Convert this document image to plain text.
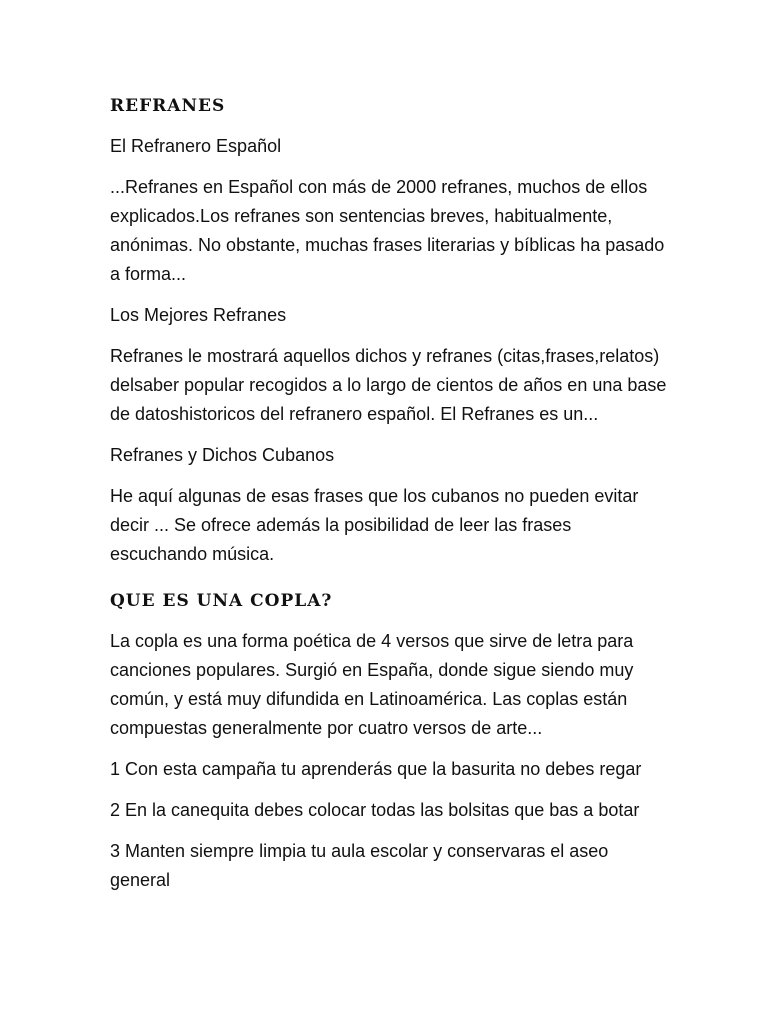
REFRANES
El Refranero Español
...Refranes en Español con más de 2000 refranes, muchos de ellos explicados.Los refranes son sentencias breves, habitualmente, anónimas. No obstante, muchas frases literarias y bíblicas ha pasado a forma...
Los Mejores Refranes
Refranes le mostrará aquellos dichos y refranes (citas,frases,relatos) delsaber popular recogidos a lo largo de cientos de años en una base de datoshistoricos del refranero español. El Refranes es un...
Refranes y Dichos Cubanos
He aquí algunas de esas frases que los cubanos no pueden evitar decir ... Se ofrece además la posibilidad de leer las frases escuchando música.
QUE ES UNA COPLA?
La copla es una forma poética de 4 versos que sirve de letra para canciones populares. Surgió en España, donde sigue siendo muy común, y está muy difundida en Latinoamérica. Las coplas están compuestas generalmente por cuatro versos de arte...
1 Con esta campaña tu aprenderás que la basurita no debes regar
2 En la canequita debes colocar todas las bolsitas que bas a botar
3 Manten siempre limpia tu aula escolar y conservaras el aseo general
